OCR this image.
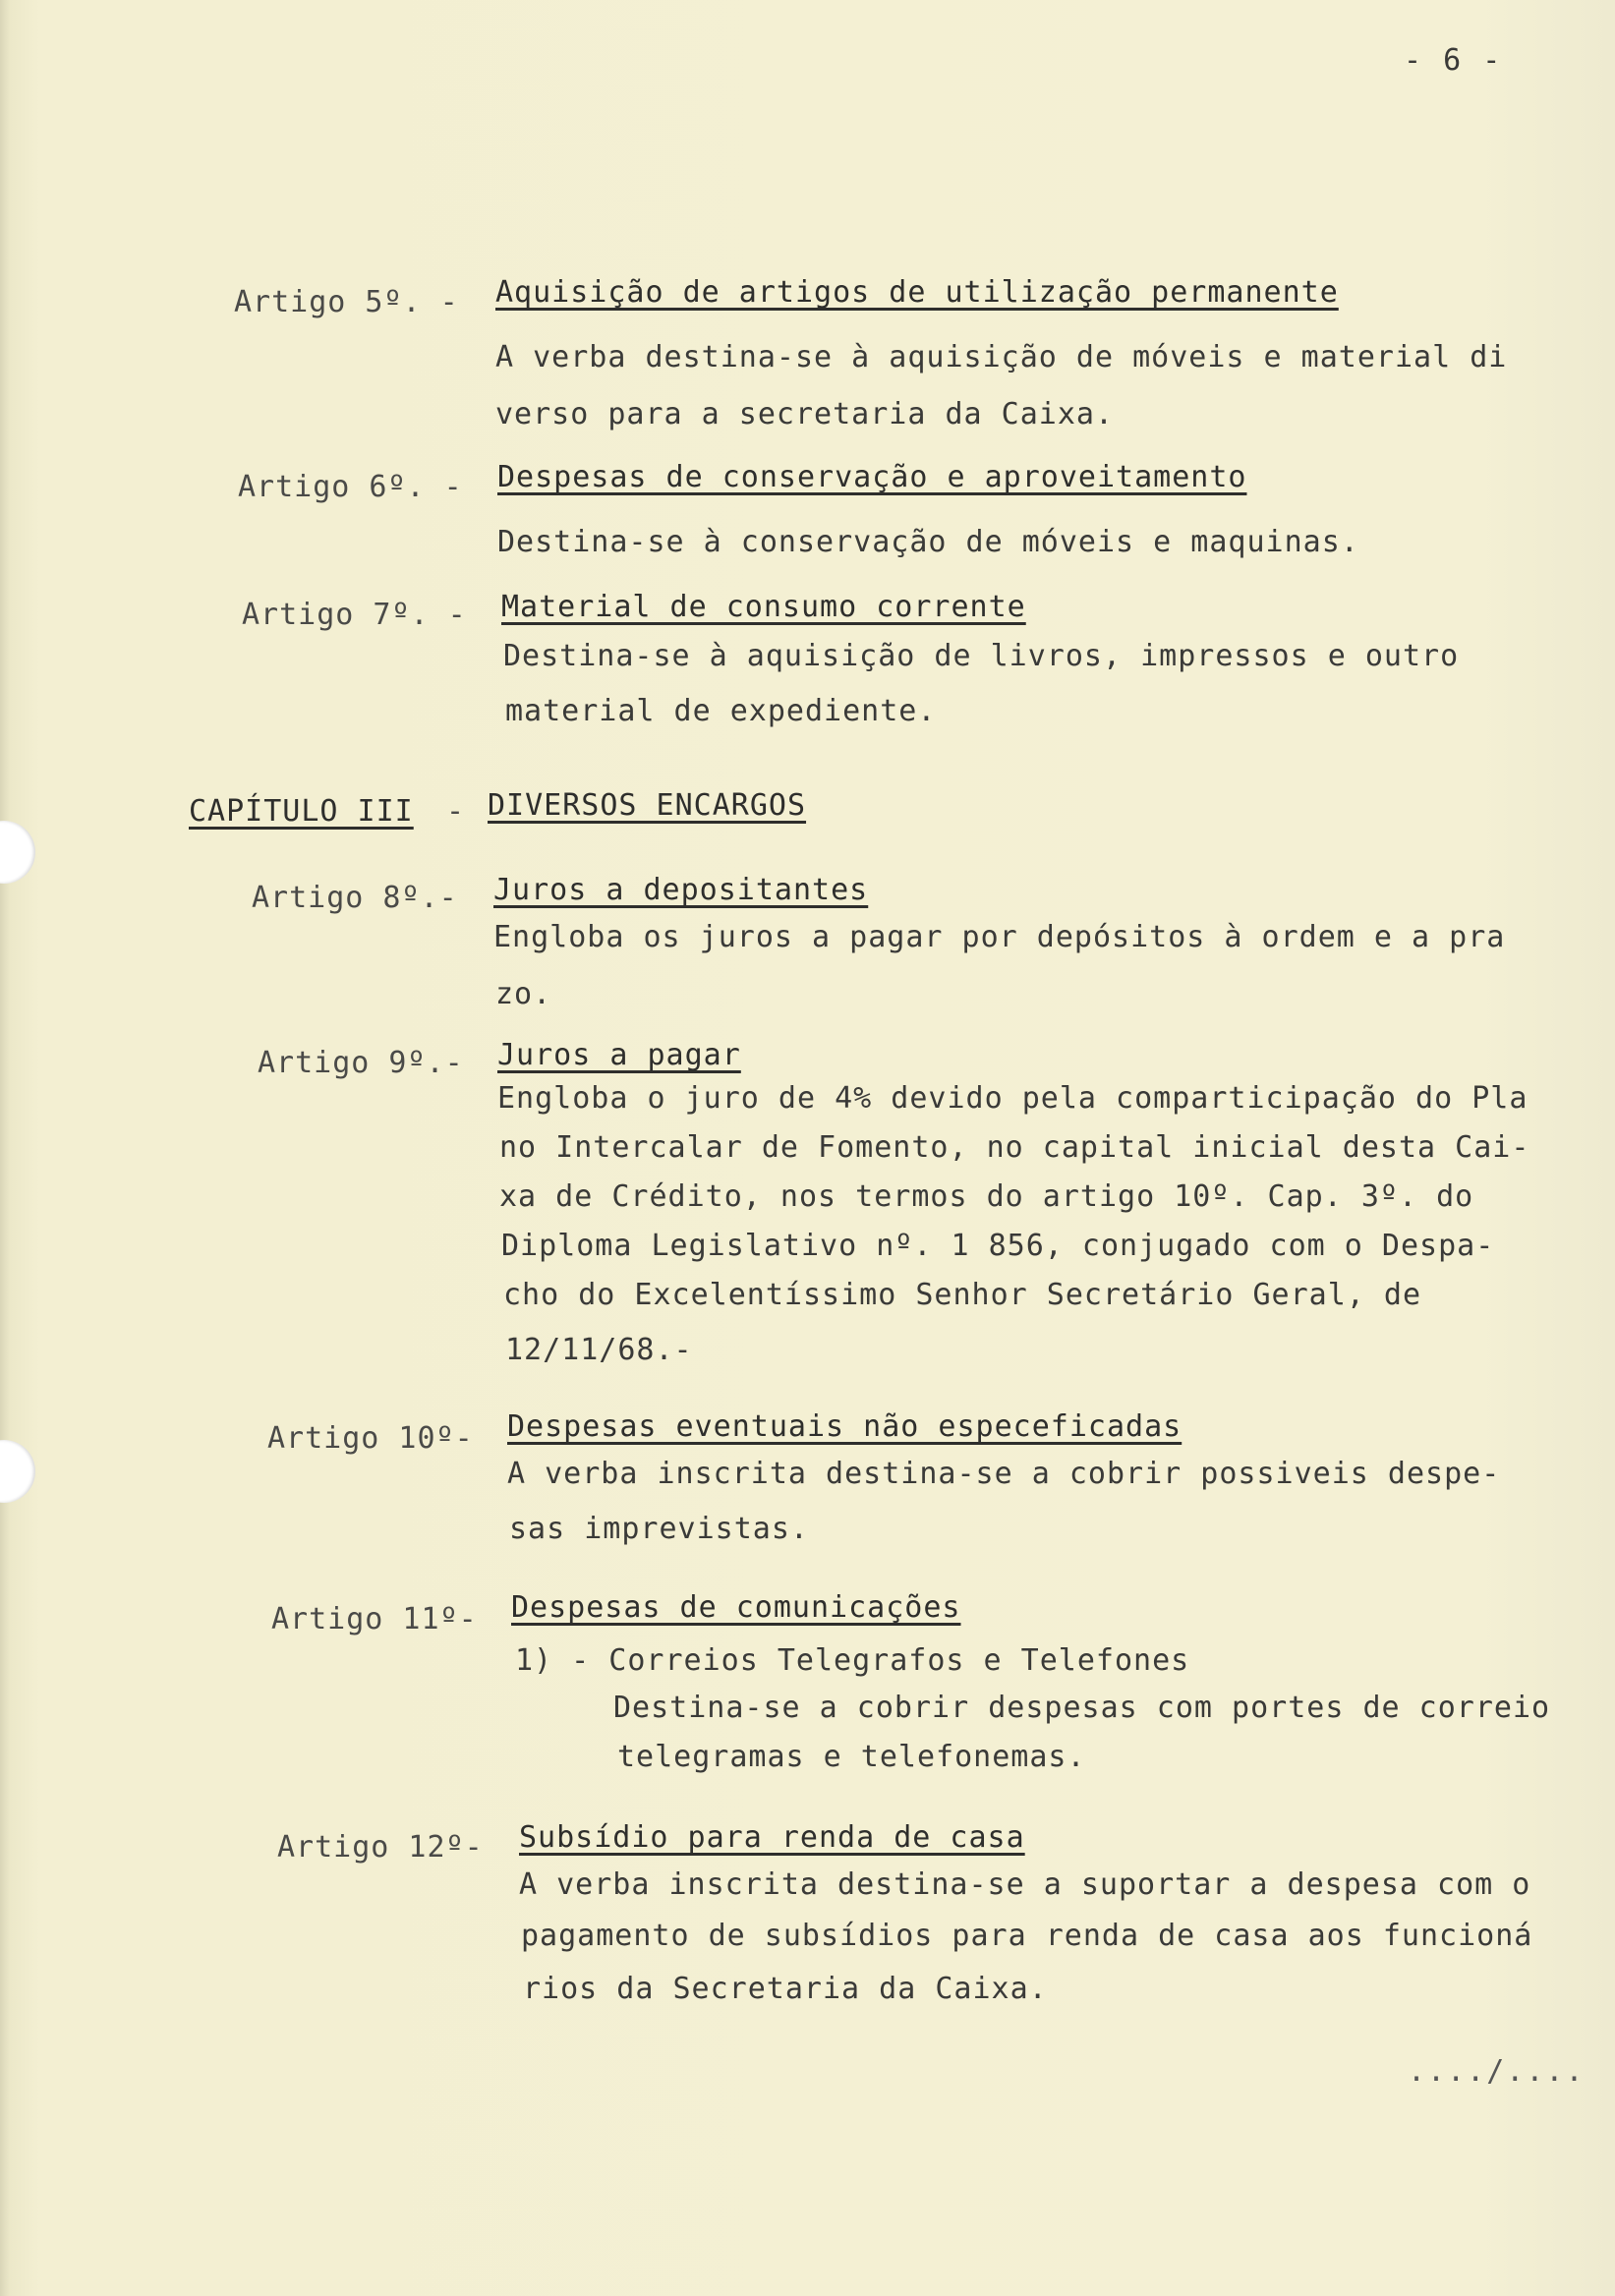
- 6 -
Artigo 5º. - Aquisição de artigos de utilização permanente
A verba destina-se à aquisição de móveis e material di
verso para a secretaria da Caixa.
Artigo 6º. - Despesas de conservação e aproveitamento
Destina-se à conservação de móveis e maquinas.
Artigo 7º. - Material de consumo corrente
Destina-se à aquisição de livros, impressos e outro
material de expediente.
CAPÍTULO III - DIVERSOS ENCARGOS
Artigo 8º.- Juros a depositantes
Engloba os juros a pagar por depósitos à ordem e a pra
zo.
Artigo 9º.- Juros a pagar
Engloba o juro de 4% devido pela comparticipação do Pla
no Intercalar de Fomento, no capital inicial desta Cai-
xa de Crédito, nos termos do artigo 10º. Cap. 3º. do
Diploma Legislativo nº. 1 856, conjugado com o Despa-
cho do Excelentíssimo Senhor Secretário Geral, de
12/11/68.-
Artigo 10º- Despesas eventuais não especeficadas
A verba inscrita destina-se a cobrir possiveis despe-
sas imprevistas.
Artigo 11º- Despesas de comunicações
1) - Correios Telegrafos e Telefones
Destina-se a cobrir despesas com portes de correio
telegramas e telefonemas.
Artigo 12º- Subsídio para renda de casa
A verba inscrita destina-se a suportar a despesa com o
pagamento de subsídios para renda de casa aos funcioná
rios da Secretaria da Caixa.
..../....
